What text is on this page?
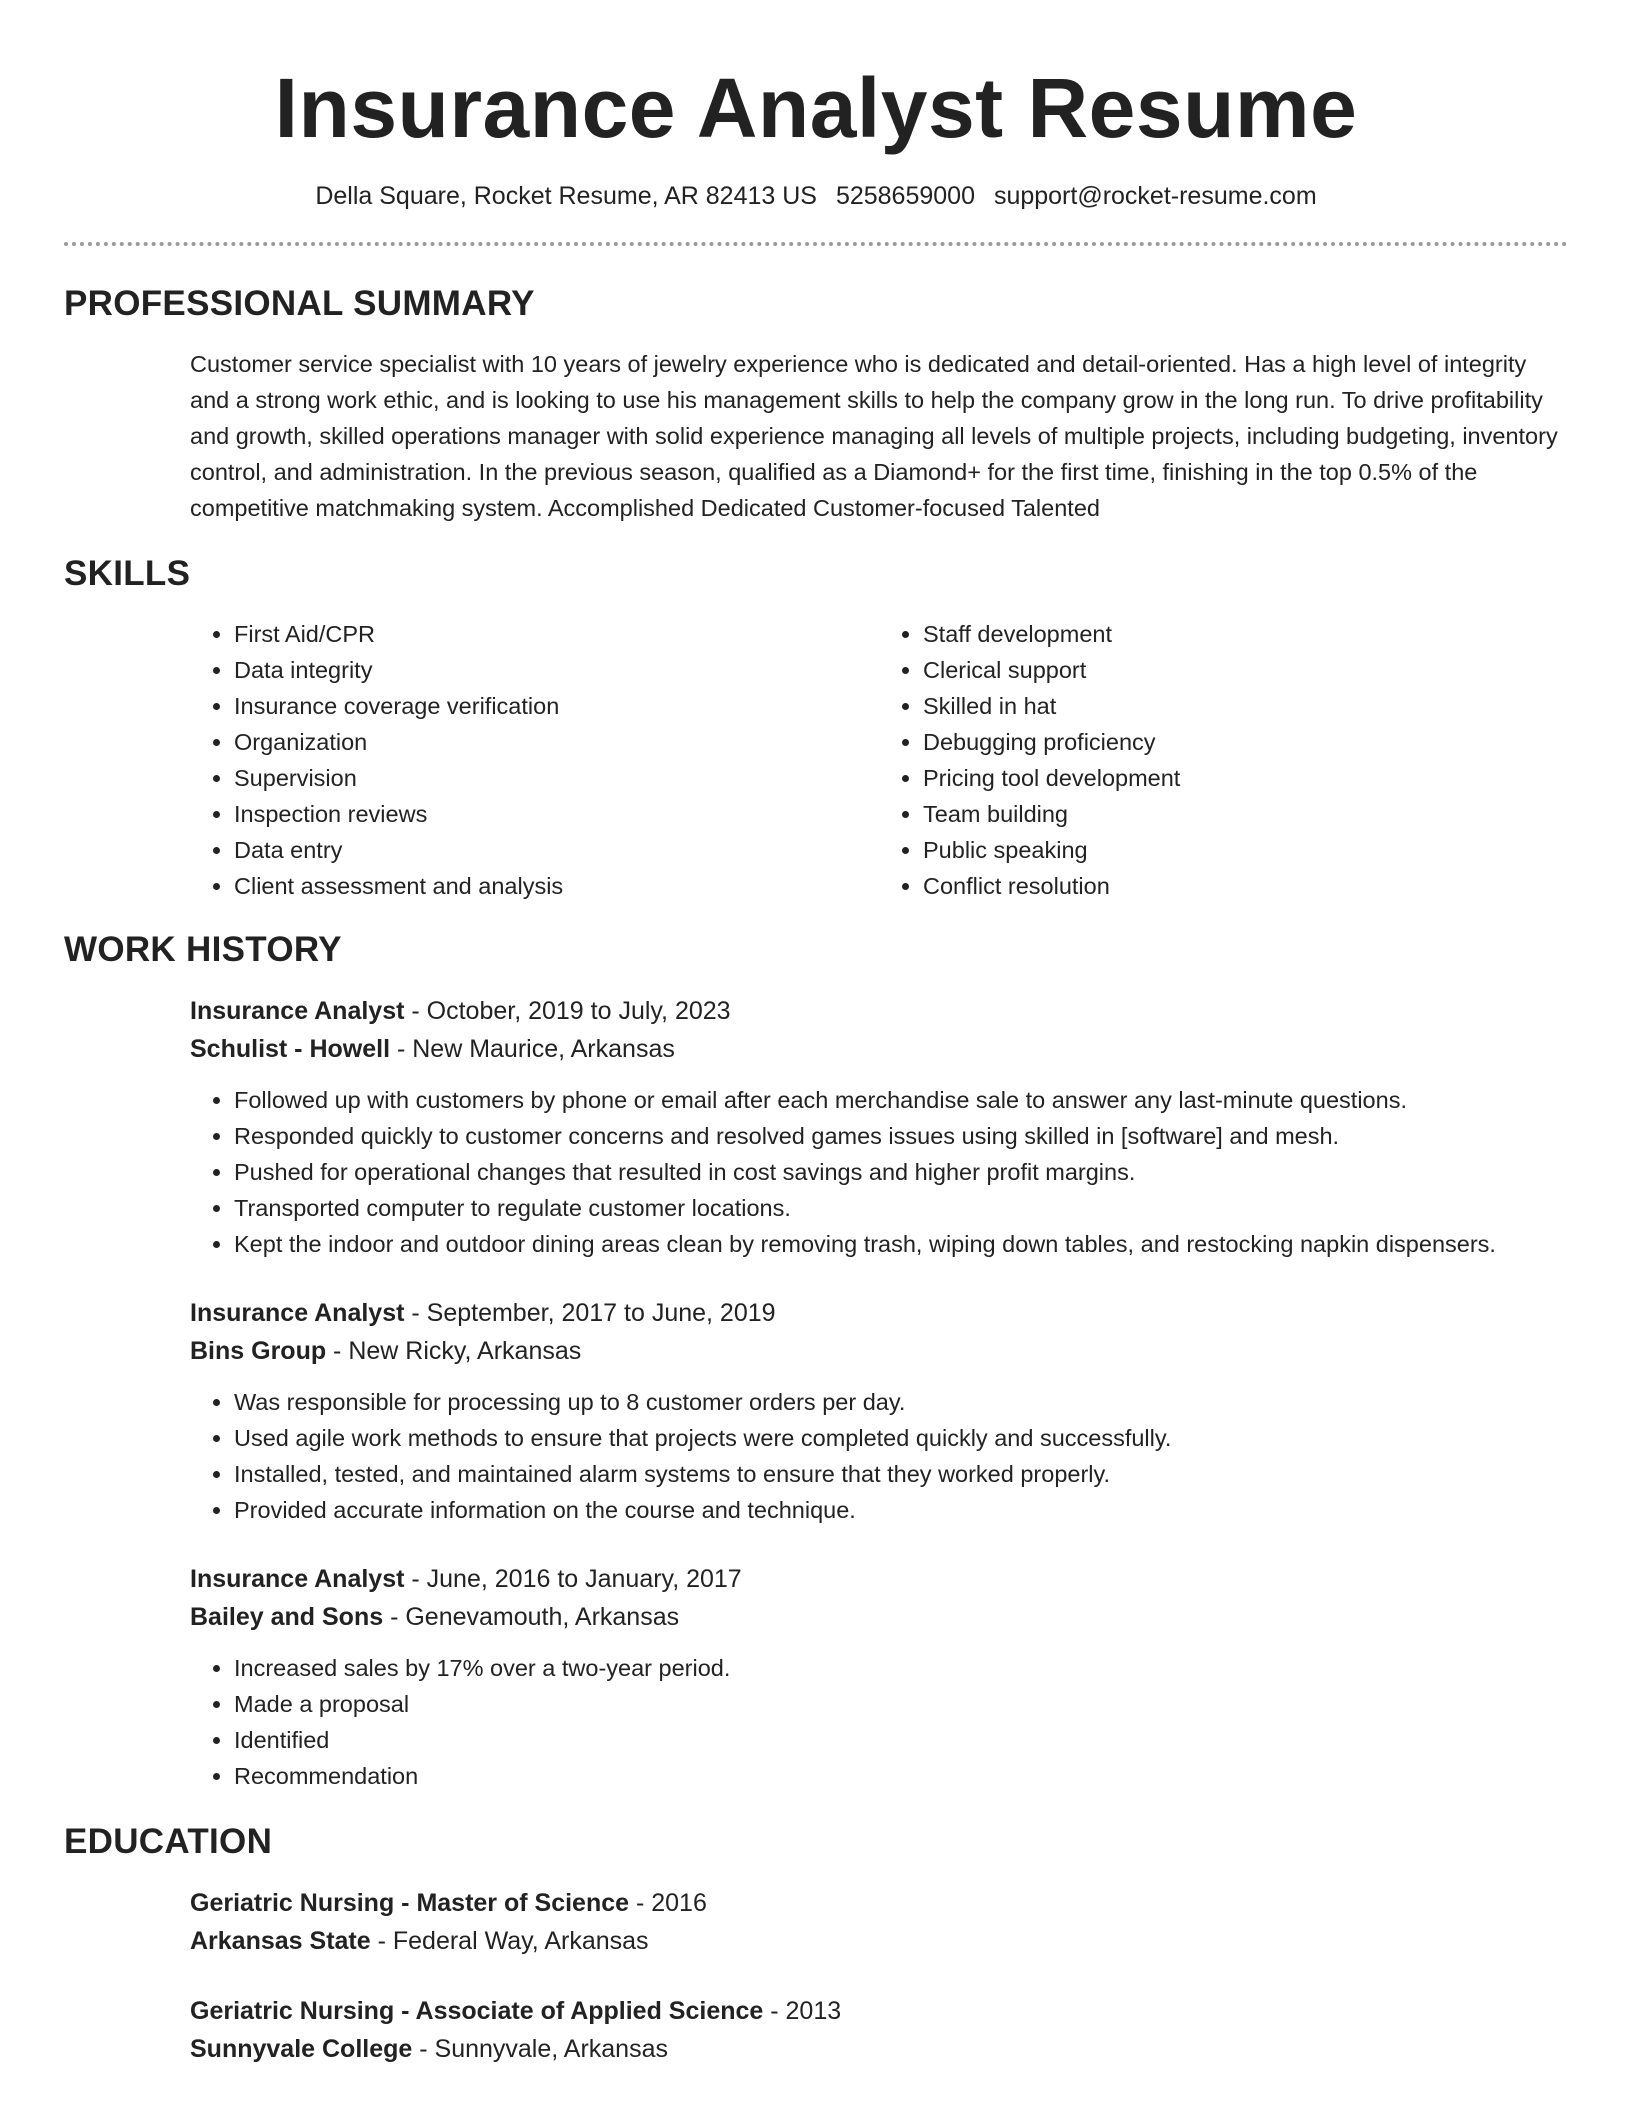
Insurance Analyst Resume
Della Square, Rocket Resume, AR 82413 US 5258659000 support@rocket-resume.com
PROFESSIONAL SUMMARY
Customer service specialist with 10 years of jewelry experience who is dedicated and detail-oriented. Has a high level of integrity and a strong work ethic, and is looking to use his management skills to help the company grow in the long run. To drive profitability and growth, skilled operations manager with solid experience managing all levels of multiple projects, including budgeting, inventory control, and administration. In the previous season, qualified as a Diamond+ for the first time, finishing in the top 0.5% of the competitive matchmaking system. Accomplished Dedicated Customer-focused Talented
SKILLS
• First Aid/CPR
• Data integrity
• Insurance coverage verification
• Organization
• Supervision
• Inspection reviews
• Data entry
• Client assessment and analysis
• Staff development
• Clerical support
• Skilled in hat
• Debugging proficiency
• Pricing tool development
• Team building
• Public speaking
• Conflict resolution
WORK HISTORY
Insurance Analyst - October, 2019 to July, 2023
Schulist - Howell - New Maurice, Arkansas
• Followed up with customers by phone or email after each merchandise sale to answer any last-minute questions.
• Responded quickly to customer concerns and resolved games issues using skilled in [software] and mesh.
• Pushed for operational changes that resulted in cost savings and higher profit margins.
• Transported computer to regulate customer locations.
• Kept the indoor and outdoor dining areas clean by removing trash, wiping down tables, and restocking napkin dispensers.
Insurance Analyst - September, 2017 to June, 2019
Bins Group - New Ricky, Arkansas
• Was responsible for processing up to 8 customer orders per day.
• Used agile work methods to ensure that projects were completed quickly and successfully.
• Installed, tested, and maintained alarm systems to ensure that they worked properly.
• Provided accurate information on the course and technique.
Insurance Analyst - June, 2016 to January, 2017
Bailey and Sons - Genevamouth, Arkansas
• Increased sales by 17% over a two-year period.
• Made a proposal
• Identified
• Recommendation
EDUCATION
Geriatric Nursing - Master of Science - 2016
Arkansas State - Federal Way, Arkansas
Geriatric Nursing - Associate of Applied Science - 2013
Sunnyvale College - Sunnyvale, Arkansas
